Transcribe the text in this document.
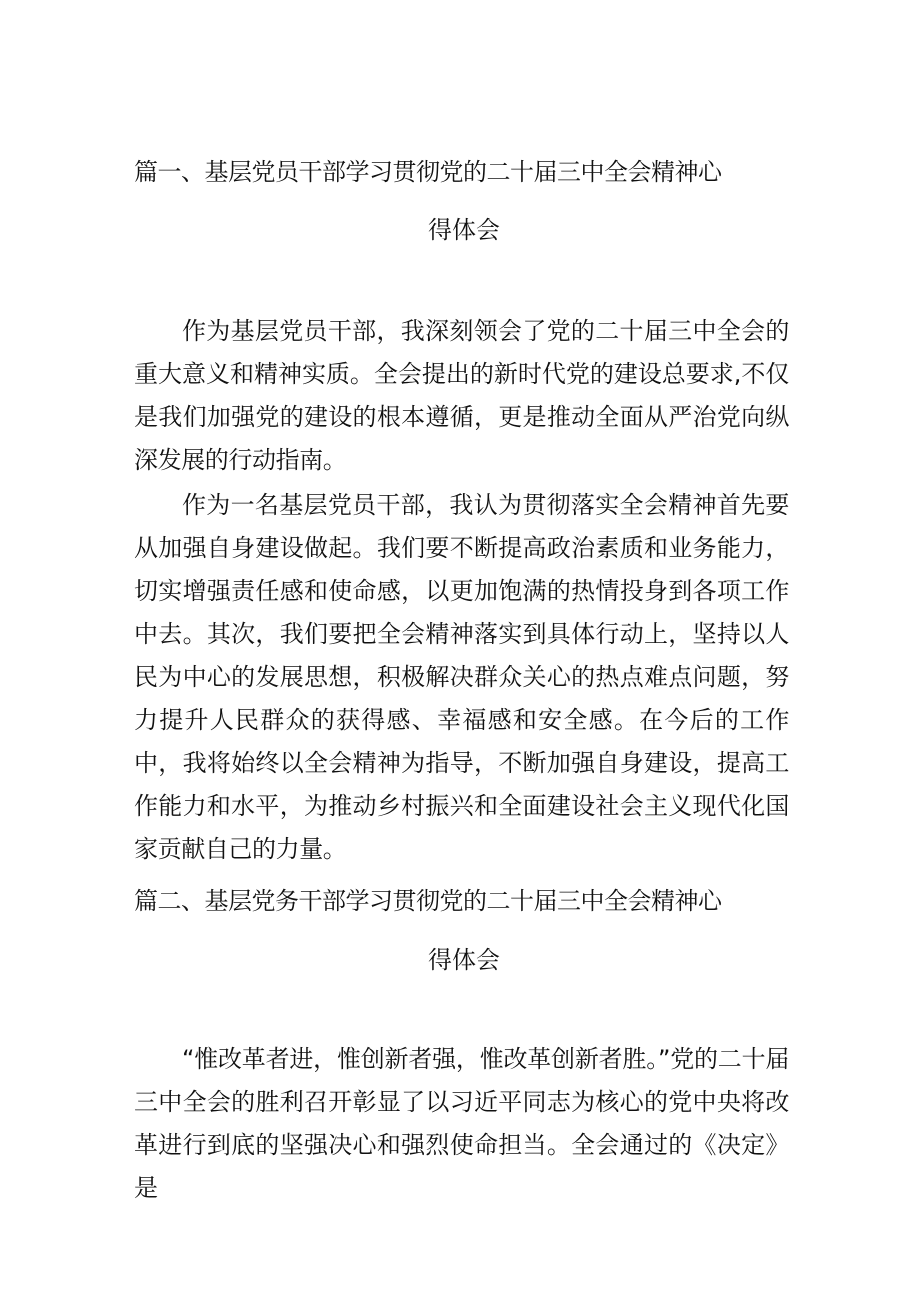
篇一、基层党员干部学习贯彻党的二十届三中全会精神心
得体会

作为基层党员干部，我深刻领会了党的二十届三中全会的重大意义和精神实质。全会提出的新时代党的建设总要求,不仅是我们加强党的建设的根本遵循，更是推动全面从严治党向纵深发展的行动指南。

作为一名基层党员干部，我认为贯彻落实全会精神首先要从加强自身建设做起。我们要不断提高政治素质和业务能力，切实增强责任感和使命感，以更加饱满的热情投身到各项工作中去。其次，我们要把全会精神落实到具体行动上，坚持以人民为中心的发展思想，积极解决群众关心的热点难点问题，努力提升人民群众的获得感、幸福感和安全感。在今后的工作中，我将始终以全会精神为指导，不断加强自身建设，提高工作能力和水平，为推动乡村振兴和全面建设社会主义现代化国家贡献自己的力量。

篇二、基层党务干部学习贯彻党的二十届三中全会精神心
得体会

“惟改革者进，惟创新者强，惟改革创新者胜。”党的二十届三中全会的胜利召开彰显了以习近平同志为核心的党中央将改革进行到底的坚强决心和强烈使命担当。全会通过的《决定》是
